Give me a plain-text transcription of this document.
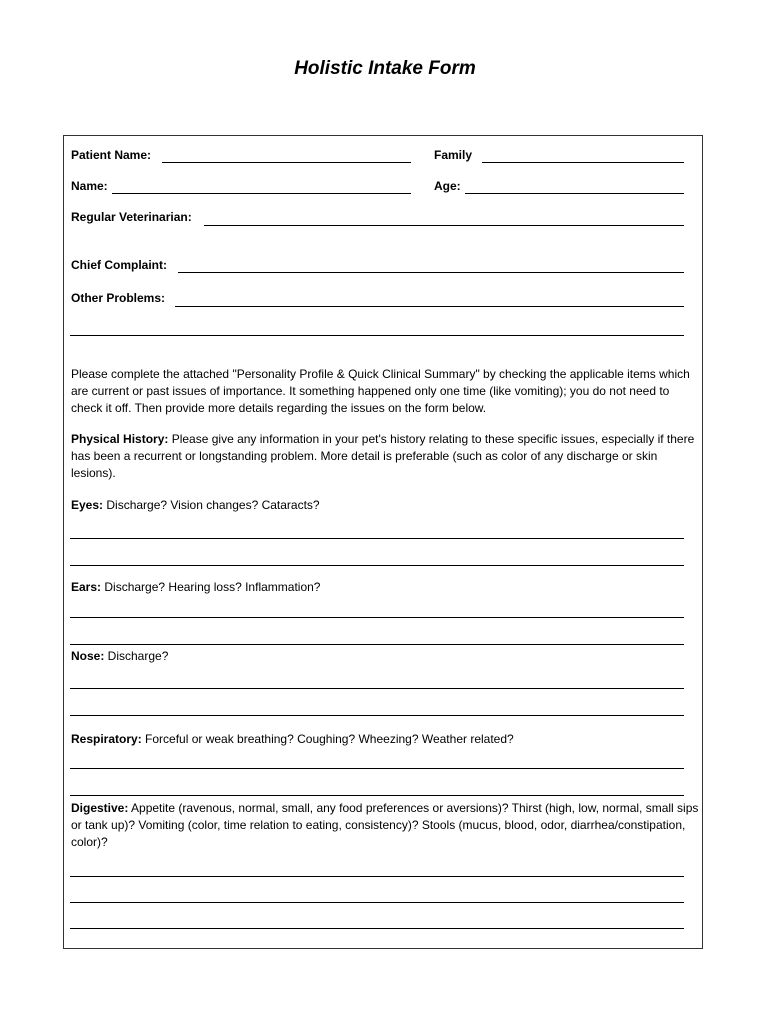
Holistic Intake Form
Patient Name:	Family
Name:	Age:
Regular Veterinarian:
Chief Complaint:
Other Problems:
Please complete the attached "Personality Profile & Quick Clinical Summary" by checking the applicable items which are current or past issues of importance. It something happened only one time (like vomiting); you do not need to check it off. Then provide more details regarding the issues on the form below.
Physical History: Please give any information in your pet's history relating to these specific issues, especially if there has been a recurrent or longstanding problem. More detail is preferable (such as color of any discharge or skin lesions).
Eyes: Discharge? Vision changes? Cataracts?
Ears: Discharge? Hearing loss? Inflammation?
Nose: Discharge?
Respiratory: Forceful or weak breathing? Coughing? Wheezing? Weather related?
Digestive: Appetite (ravenous, normal, small, any food preferences or aversions)? Thirst (high, low, normal, small sips or tank up)? Vomiting (color, time relation to eating, consistency)? Stools (mucus, blood, odor, diarrhea/constipation, color)?
